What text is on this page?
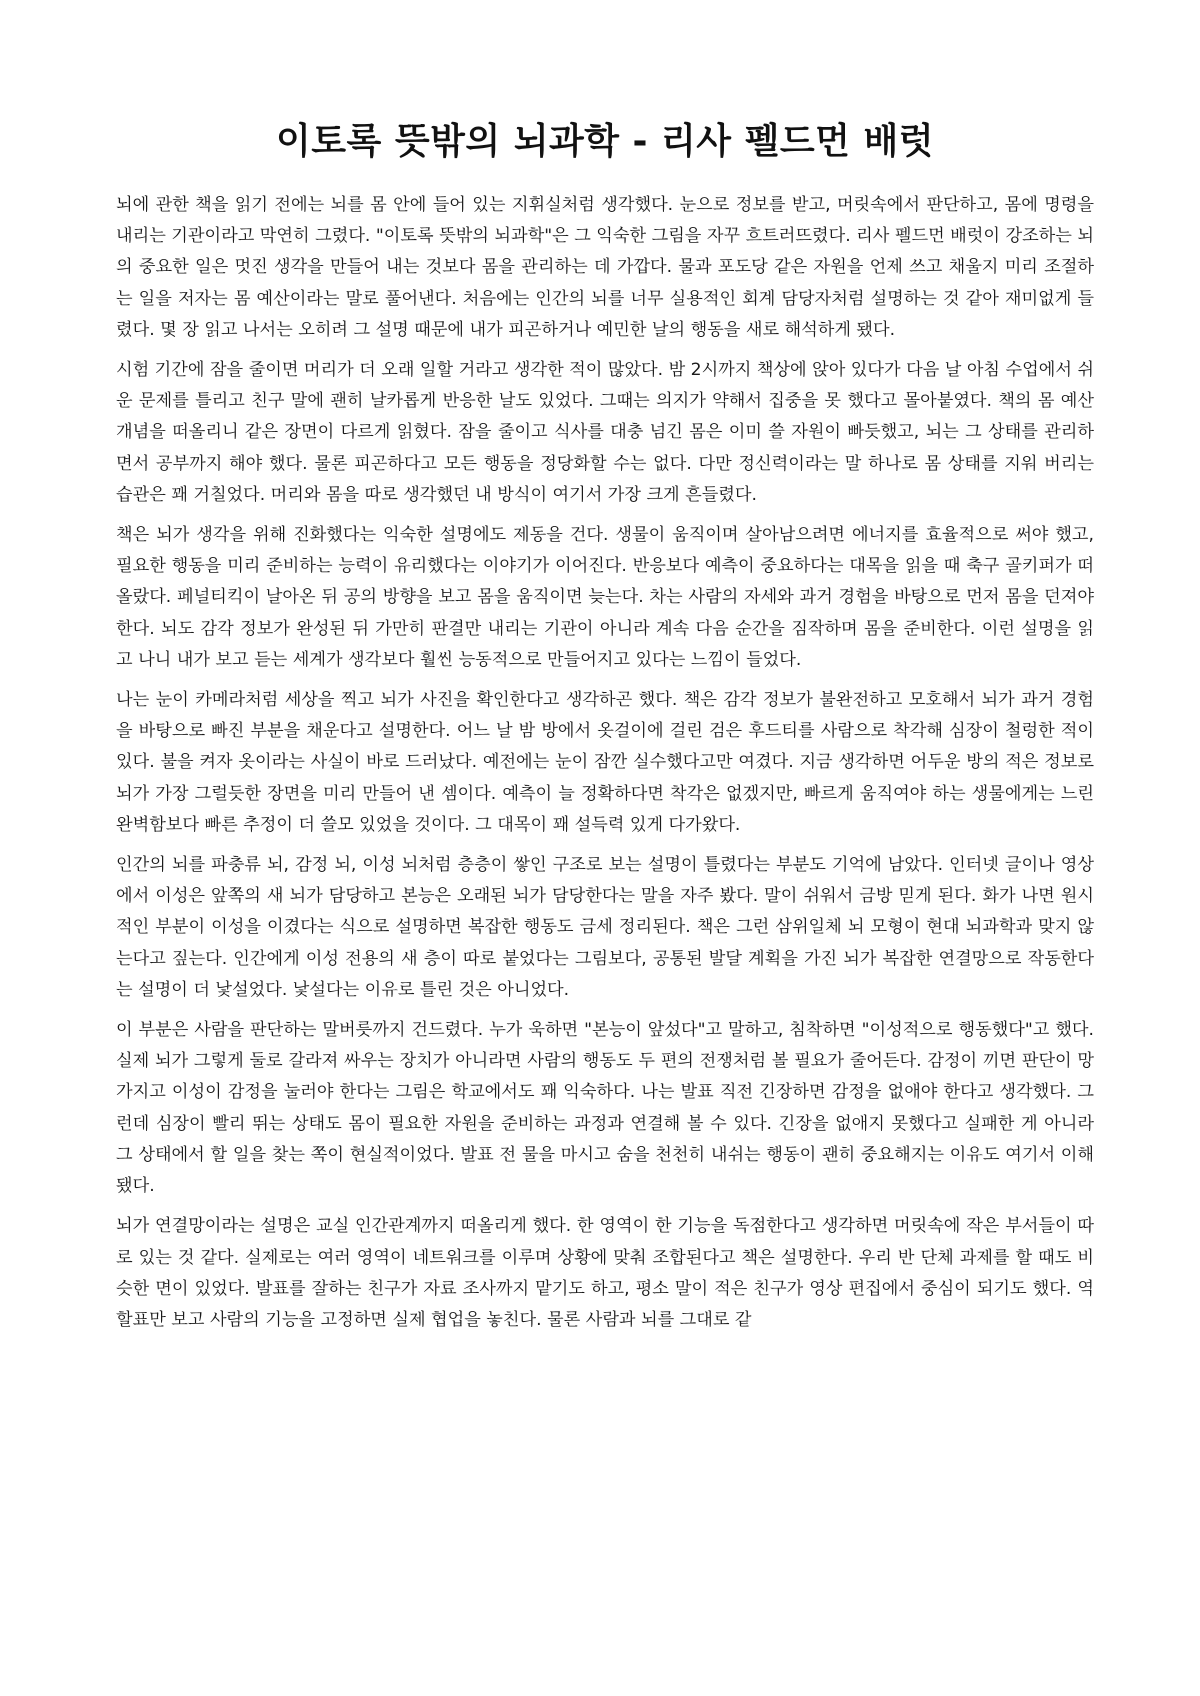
이토록 뜻밖의 뇌과학 - 리사 펠드먼 배럿

뇌에 관한 책을 읽기 전에는 뇌를 몸 안에 들어 있는 지휘실처럼 생각했다. 눈으로 정보를 받고, 머릿속에서 판단하고, 몸에 명령을 내리는 기관이라고 막연히 그렸다. "이토록 뜻밖의 뇌과학"은 그 익숙한 그림을 자꾸 흐트러뜨렸다. 리사 펠드먼 배럿이 강조하는 뇌의 중요한 일은 멋진 생각을 만들어 내는 것보다 몸을 관리하는 데 가깝다. 물과 포도당 같은 자원을 언제 쓰고 채울지 미리 조절하는 일을 저자는 몸 예산이라는 말로 풀어낸다. 처음에는 인간의 뇌를 너무 실용적인 회계 담당자처럼 설명하는 것 같아 재미없게 들렸다. 몇 장 읽고 나서는 오히려 그 설명 때문에 내가 피곤하거나 예민한 날의 행동을 새로 해석하게 됐다.

시험 기간에 잠을 줄이면 머리가 더 오래 일할 거라고 생각한 적이 많았다. 밤 2시까지 책상에 앉아 있다가 다음 날 아침 수업에서 쉬운 문제를 틀리고 친구 말에 괜히 날카롭게 반응한 날도 있었다. 그때는 의지가 약해서 집중을 못 했다고 몰아붙였다. 책의 몸 예산 개념을 떠올리니 같은 장면이 다르게 읽혔다. 잠을 줄이고 식사를 대충 넘긴 몸은 이미 쓸 자원이 빠듯했고, 뇌는 그 상태를 관리하면서 공부까지 해야 했다. 물론 피곤하다고 모든 행동을 정당화할 수는 없다. 다만 정신력이라는 말 하나로 몸 상태를 지워 버리는 습관은 꽤 거칠었다. 머리와 몸을 따로 생각했던 내 방식이 여기서 가장 크게 흔들렸다.

책은 뇌가 생각을 위해 진화했다는 익숙한 설명에도 제동을 건다. 생물이 움직이며 살아남으려면 에너지를 효율적으로 써야 했고, 필요한 행동을 미리 준비하는 능력이 유리했다는 이야기가 이어진다. 반응보다 예측이 중요하다는 대목을 읽을 때 축구 골키퍼가 떠올랐다. 페널티킥이 날아온 뒤 공의 방향을 보고 몸을 움직이면 늦는다. 차는 사람의 자세와 과거 경험을 바탕으로 먼저 몸을 던져야 한다. 뇌도 감각 정보가 완성된 뒤 가만히 판결만 내리는 기관이 아니라 계속 다음 순간을 짐작하며 몸을 준비한다. 이런 설명을 읽고 나니 내가 보고 듣는 세계가 생각보다 훨씬 능동적으로 만들어지고 있다는 느낌이 들었다.

나는 눈이 카메라처럼 세상을 찍고 뇌가 사진을 확인한다고 생각하곤 했다. 책은 감각 정보가 불완전하고 모호해서 뇌가 과거 경험을 바탕으로 빠진 부분을 채운다고 설명한다. 어느 날 밤 방에서 옷걸이에 걸린 검은 후드티를 사람으로 착각해 심장이 철렁한 적이 있다. 불을 켜자 옷이라는 사실이 바로 드러났다. 예전에는 눈이 잠깐 실수했다고만 여겼다. 지금 생각하면 어두운 방의 적은 정보로 뇌가 가장 그럴듯한 장면을 미리 만들어 낸 셈이다. 예측이 늘 정확하다면 착각은 없겠지만, 빠르게 움직여야 하는 생물에게는 느린 완벽함보다 빠른 추정이 더 쓸모 있었을 것이다. 그 대목이 꽤 설득력 있게 다가왔다.

인간의 뇌를 파충류 뇌, 감정 뇌, 이성 뇌처럼 층층이 쌓인 구조로 보는 설명이 틀렸다는 부분도 기억에 남았다. 인터넷 글이나 영상에서 이성은 앞쪽의 새 뇌가 담당하고 본능은 오래된 뇌가 담당한다는 말을 자주 봤다. 말이 쉬워서 금방 믿게 된다. 화가 나면 원시적인 부분이 이성을 이겼다는 식으로 설명하면 복잡한 행동도 금세 정리된다. 책은 그런 삼위일체 뇌 모형이 현대 뇌과학과 맞지 않는다고 짚는다. 인간에게 이성 전용의 새 층이 따로 붙었다는 그림보다, 공통된 발달 계획을 가진 뇌가 복잡한 연결망으로 작동한다는 설명이 더 낯설었다. 낯설다는 이유로 틀린 것은 아니었다.

이 부분은 사람을 판단하는 말버릇까지 건드렸다. 누가 욱하면 "본능이 앞섰다"고 말하고, 침착하면 "이성적으로 행동했다"고 했다. 실제 뇌가 그렇게 둘로 갈라져 싸우는 장치가 아니라면 사람의 행동도 두 편의 전쟁처럼 볼 필요가 줄어든다. 감정이 끼면 판단이 망가지고 이성이 감정을 눌러야 한다는 그림은 학교에서도 꽤 익숙하다. 나는 발표 직전 긴장하면 감정을 없애야 한다고 생각했다. 그런데 심장이 빨리 뛰는 상태도 몸이 필요한 자원을 준비하는 과정과 연결해 볼 수 있다. 긴장을 없애지 못했다고 실패한 게 아니라 그 상태에서 할 일을 찾는 쪽이 현실적이었다. 발표 전 물을 마시고 숨을 천천히 내쉬는 행동이 괜히 중요해지는 이유도 여기서 이해됐다.

뇌가 연결망이라는 설명은 교실 인간관계까지 떠올리게 했다. 한 영역이 한 기능을 독점한다고 생각하면 머릿속에 작은 부서들이 따로 있는 것 같다. 실제로는 여러 영역이 네트워크를 이루며 상황에 맞춰 조합된다고 책은 설명한다. 우리 반 단체 과제를 할 때도 비슷한 면이 있었다. 발표를 잘하는 친구가 자료 조사까지 맡기도 하고, 평소 말이 적은 친구가 영상 편집에서 중심이 되기도 했다. 역할표만 보고 사람의 기능을 고정하면 실제 협업을 놓친다. 물론 사람과 뇌를 그대로 같
